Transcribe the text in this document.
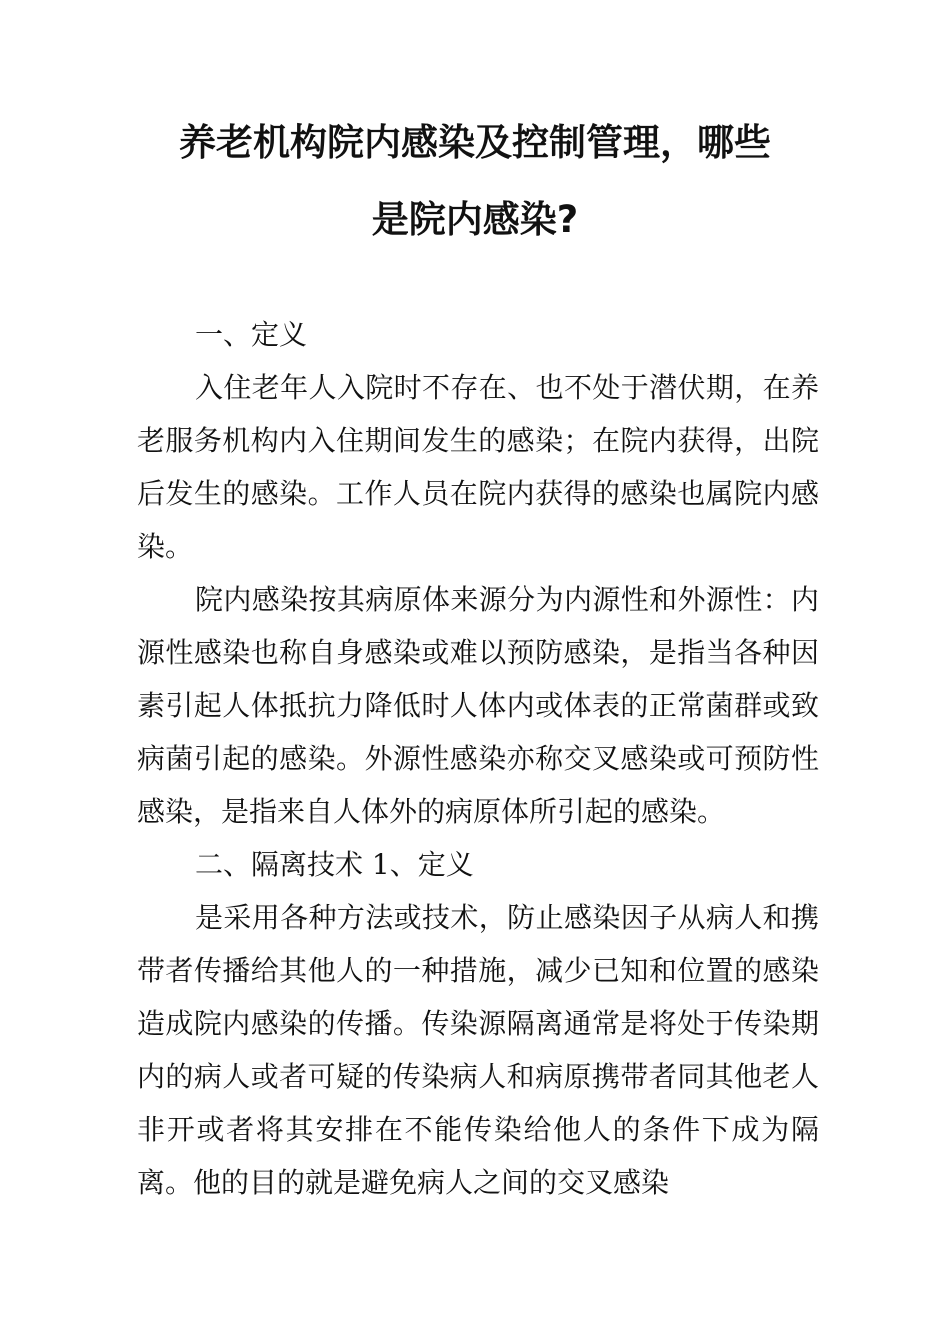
养老机构院内感染及控制管理，哪些
是院内感染?

一、定义

入住老年人入院时不存在、也不处于潜伏期，在养老服务机构内入住期间发生的感染；在院内获得，出院后发生的感染。工作人员在院内获得的感染也属院内感染。

院内感染按其病原体来源分为内源性和外源性：内源性感染也称自身感染或难以预防感染，是指当各种因素引起人体抵抗力降低时人体内或体表的正常菌群或致病菌引起的感染。外源性感染亦称交叉感染或可预防性感染，是指来自人体外的病原体所引起的感染。

二、隔离技术 1、定义

是采用各种方法或技术，防止感染因子从病人和携带者传播给其他人的一种措施，减少已知和位置的感染造成院内感染的传播。传染源隔离通常是将处于传染期内的病人或者可疑的传染病人和病原携带者同其他老人非开或者将其安排在不能传染给他人的条件下成为隔离。他的目的就是避免病人之间的交叉感染
